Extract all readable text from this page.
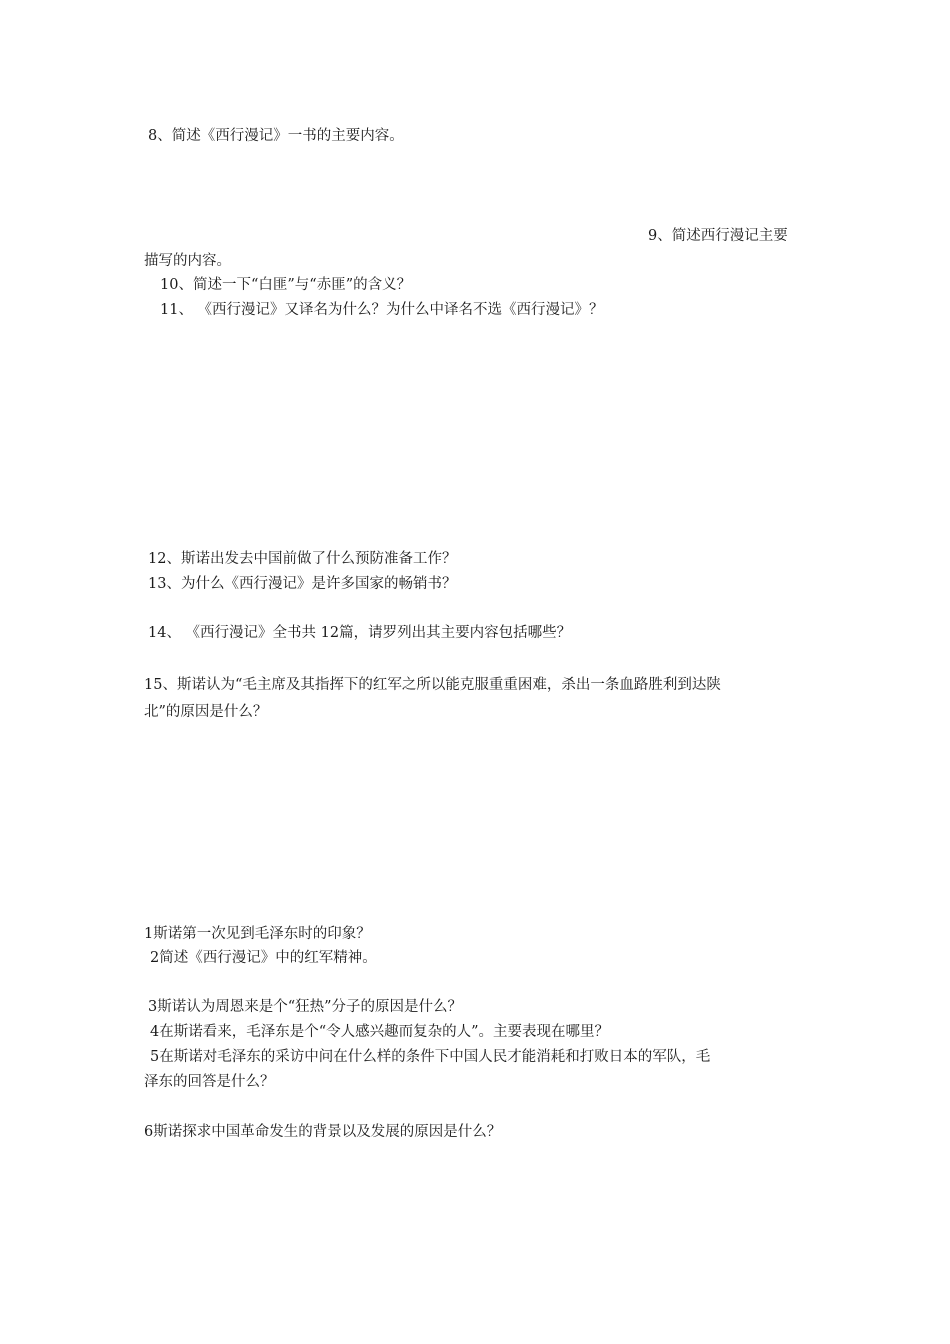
8、简述《西行漫记》一书的主要内容。
9、简述西行漫记主要
描写的内容。
10、简述一下“白匪”与“赤匪”的含义？
11、 《西行漫记》又译名为什么？为什么中译名不选《西行漫记》？
12、斯诺出发去中国前做了什么预防准备工作？
13、为什么《西行漫记》是许多国家的畅销书？
14、 《西行漫记》全书共 12篇，请罗列出其主要内容包括哪些？
15、斯诺认为“毛主席及其指挥下的红军之所以能克服重重困难，杀出一条血路胜利到达陕
北”的原因是什么？
1斯诺第一次见到毛泽东时的印象？
2简述《西行漫记》中的红军精神。
3斯诺认为周恩来是个“狂热”分子的原因是什么？
4在斯诺看来，毛泽东是个“令人感兴趣而复杂的人”。主要表现在哪里？
5在斯诺对毛泽东的采访中问在什么样的条件下中国人民才能消耗和打败日本的军队，毛
泽东的回答是什么？
6斯诺探求中国革命发生的背景以及发展的原因是什么？
